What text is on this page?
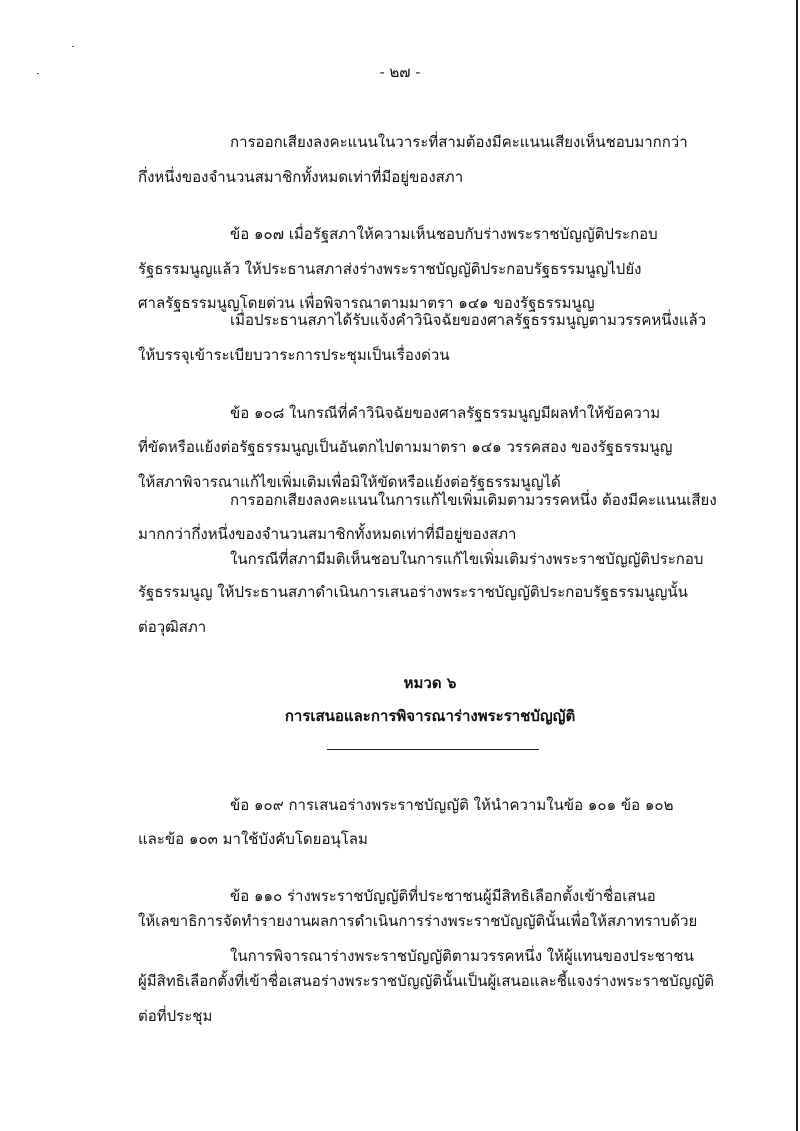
- ๒๗ -
การออกเสียงลงคะแนนในวาระที่สามต้องมีคะแนนเสียงเห็นชอบมากกว่า
กึ่งหนึ่งของจำนวนสมาชิกทั้งหมดเท่าที่มีอยู่ของสภา
ข้อ ๑๐๗ เมื่อรัฐสภาให้ความเห็นชอบกับร่างพระราชบัญญัติประกอบ
รัฐธรรมนูญแล้ว ให้ประธานสภาส่งร่างพระราชบัญญัติประกอบรัฐธรรมนูญไปยัง
ศาลรัฐธรรมนูญโดยด่วน เพื่อพิจารณาตามมาตรา ๑๔๑ ของรัฐธรรมนูญ
เมื่อประธานสภาได้รับแจ้งคำวินิจฉัยของศาลรัฐธรรมนูญตามวรรคหนึ่งแล้ว
ให้บรรจุเข้าระเบียบวาระการประชุมเป็นเรื่องด่วน
ข้อ ๑๐๘ ในกรณีที่คำวินิจฉัยของศาลรัฐธรรมนูญมีผลทำให้ข้อความ
ที่ขัดหรือแย้งต่อรัฐธรรมนูญเป็นอันตกไปตามมาตรา ๑๔๑ วรรคสอง ของรัฐธรรมนูญ
ให้สภาพิจารณาแก้ไขเพิ่มเติมเพื่อมิให้ขัดหรือแย้งต่อรัฐธรรมนูญได้
การออกเสียงลงคะแนนในการแก้ไขเพิ่มเติมตามวรรคหนึ่ง ต้องมีคะแนนเสียง
มากกว่ากึ่งหนึ่งของจำนวนสมาชิกทั้งหมดเท่าที่มีอยู่ของสภา
ในกรณีที่สภามีมติเห็นชอบในการแก้ไขเพิ่มเติมร่างพระราชบัญญัติประกอบ
รัฐธรรมนูญ ให้ประธานสภาดำเนินการเสนอร่างพระราชบัญญัติประกอบรัฐธรรมนูญนั้น
ต่อวุฒิสภา
หมวด ๖
การเสนอและการพิจารณาร่างพระราชบัญญัติ
ข้อ ๑๐๙ การเสนอร่างพระราชบัญญัติ ให้นำความในข้อ ๑๐๑ ข้อ ๑๐๒
และข้อ ๑๐๓ มาใช้บังคับโดยอนุโลม
ข้อ ๑๑๐ ร่างพระราชบัญญัติที่ประชาชนผู้มีสิทธิเลือกตั้งเข้าชื่อเสนอ
ให้เลขาธิการจัดทำรายงานผลการดำเนินการร่างพระราชบัญญัตินั้นเพื่อให้สภาทราบด้วย
ในการพิจารณาร่างพระราชบัญญัติตามวรรคหนึ่ง ให้ผู้แทนของประชาชน
ผู้มีสิทธิเลือกตั้งที่เข้าชื่อเสนอร่างพระราชบัญญัตินั้นเป็นผู้เสนอและชี้แจงร่างพระราชบัญญัติ
ต่อที่ประชุม
